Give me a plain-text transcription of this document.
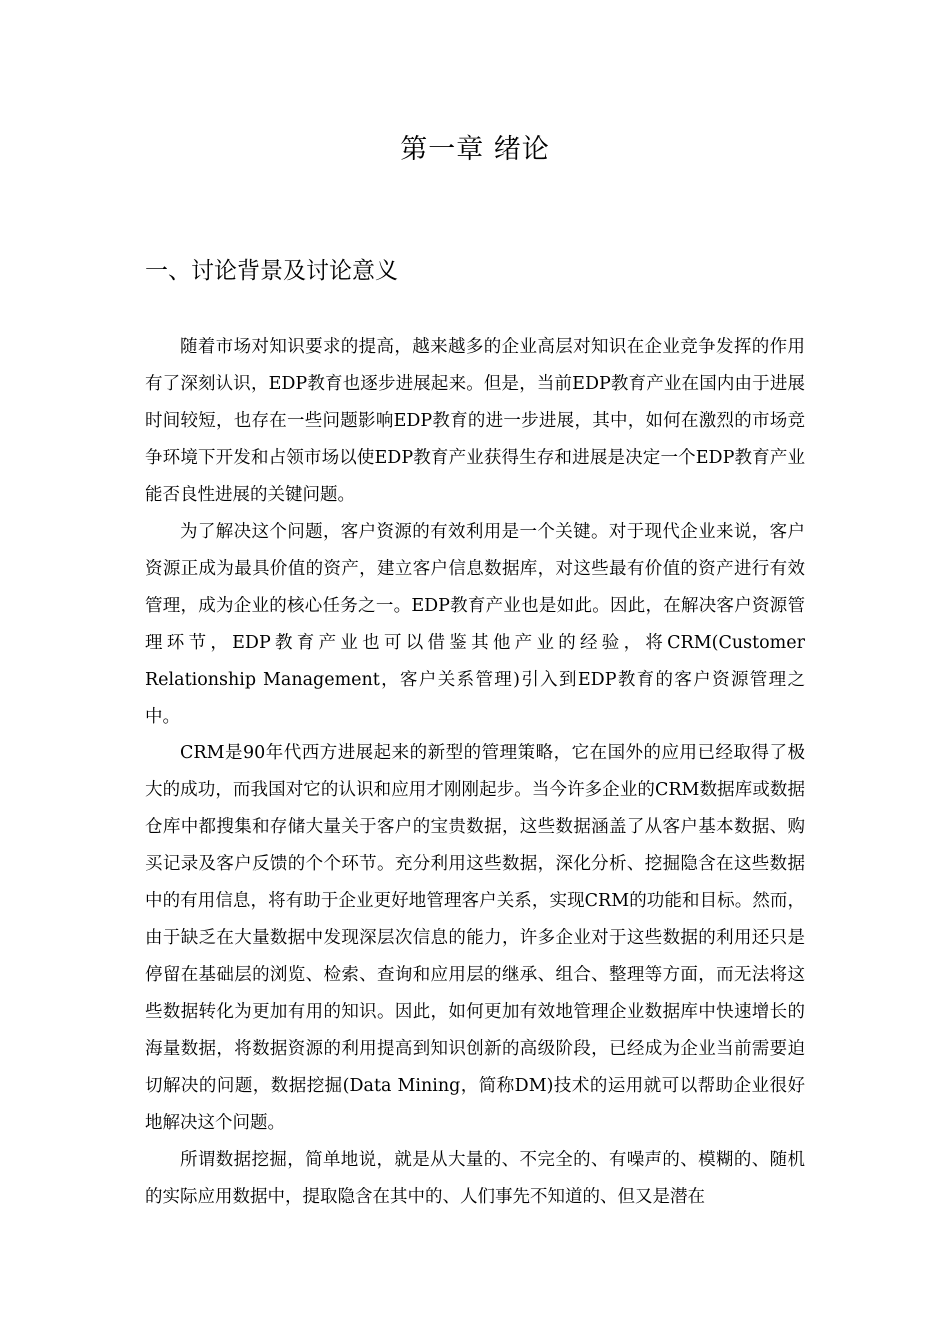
第一章 绪论
一、讨论背景及讨论意义

随着市场对知识要求的提高，越来越多的企业高层对知识在企业竞争发挥的作用有了深刻认识，EDP教育也逐步进展起来。但是，当前EDP教育产业在国内由于进展时间较短，也存在一些问题影响EDP教育的进一步进展，其中，如何在激烈的市场竞争环境下开发和占领市场以使EDP教育产业获得生存和进展是决定一个EDP教育产业能否良性进展的关键问题。

为了解决这个问题，客户资源的有效利用是一个关键。对于现代企业来说，客户资源正成为最具价值的资产，建立客户信息数据库，对这些最有价值的资产进行有效管理，成为企业的核心任务之一。EDP教育产业也是如此。因此，在解决客户资源管理环节，EDP教育产业也可以借鉴其他产业的经验，将CRM(Customer Relationship Management，客户关系管理)引入到EDP教育的客户资源管理之中。

CRM是90年代西方进展起来的新型的管理策略，它在国外的应用已经取得了极大的成功，而我国对它的认识和应用才刚刚起步。当今许多企业的CRM数据库或数据仓库中都搜集和存储大量关于客户的宝贵数据，这些数据涵盖了从客户基本数据、购买记录及客户反馈的个个环节。充分利用这些数据，深化分析、挖掘隐含在这些数据中的有用信息，将有助于企业更好地管理客户关系，实现CRM的功能和目标。然而，由于缺乏在大量数据中发现深层次信息的能力，许多企业对于这些数据的利用还只是停留在基础层的浏览、检索、查询和应用层的继承、组合、整理等方面，而无法将这些数据转化为更加有用的知识。因此，如何更加有效地管理企业数据库中快速增长的海量数据，将数据资源的利用提高到知识创新的高级阶段，已经成为企业当前需要迫切解决的问题，数据挖掘(Data Mining，简称DM)技术的运用就可以帮助企业很好地解决这个问题。

所谓数据挖掘，简单地说，就是从大量的、不完全的、有噪声的、模糊的、随机的实际应用数据中，提取隐含在其中的、人们事先不知道的、但又是潜在
